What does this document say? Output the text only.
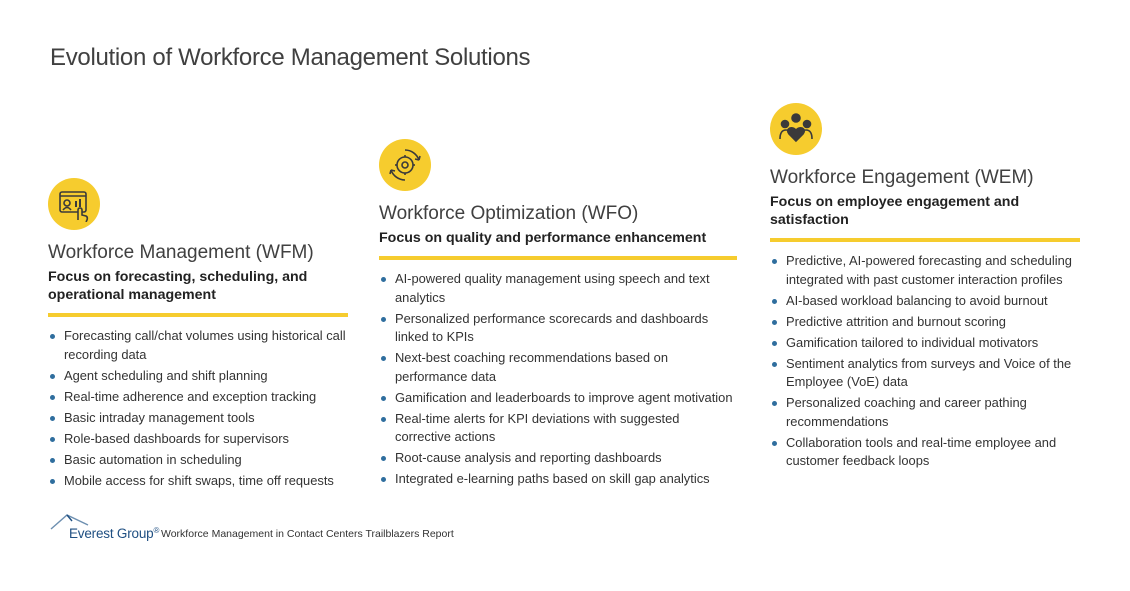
Evolution of Workforce Management Solutions
Workforce Management (WFM)

Focus on forecasting, scheduling, and operational management

Forecasting call/chat volumes using historical call recording data
Agent scheduling and shift planning
Real-time adherence and exception tracking
Basic intraday management tools
Role-based dashboards for supervisors
Basic automation in scheduling
Mobile access for shift swaps, time off requests
Workforce Optimization (WFO)

Focus on quality and performance enhancement

AI-powered quality management using speech and text analytics
Personalized performance scorecards and dashboards linked to KPIs
Next-best coaching recommendations based on performance data
Gamification and leaderboards to improve agent motivation
Real-time alerts for KPI deviations with suggested corrective actions
Root-cause analysis and reporting dashboards
Integrated e-learning paths based on skill gap analytics
Workforce Engagement (WEM)

Focus on employee engagement and satisfaction

Predictive, AI-powered forecasting and scheduling integrated with past customer interaction profiles
AI-based workload balancing to avoid burnout
Predictive attrition and burnout scoring
Gamification tailored to individual motivators
Sentiment analytics from surveys and Voice of the Employee (VoE) data
Personalized coaching and career pathing recommendations
Collaboration tools and real-time employee and customer feedback loops
Everest Group® Workforce Management in Contact Centers Trailblazers Report
